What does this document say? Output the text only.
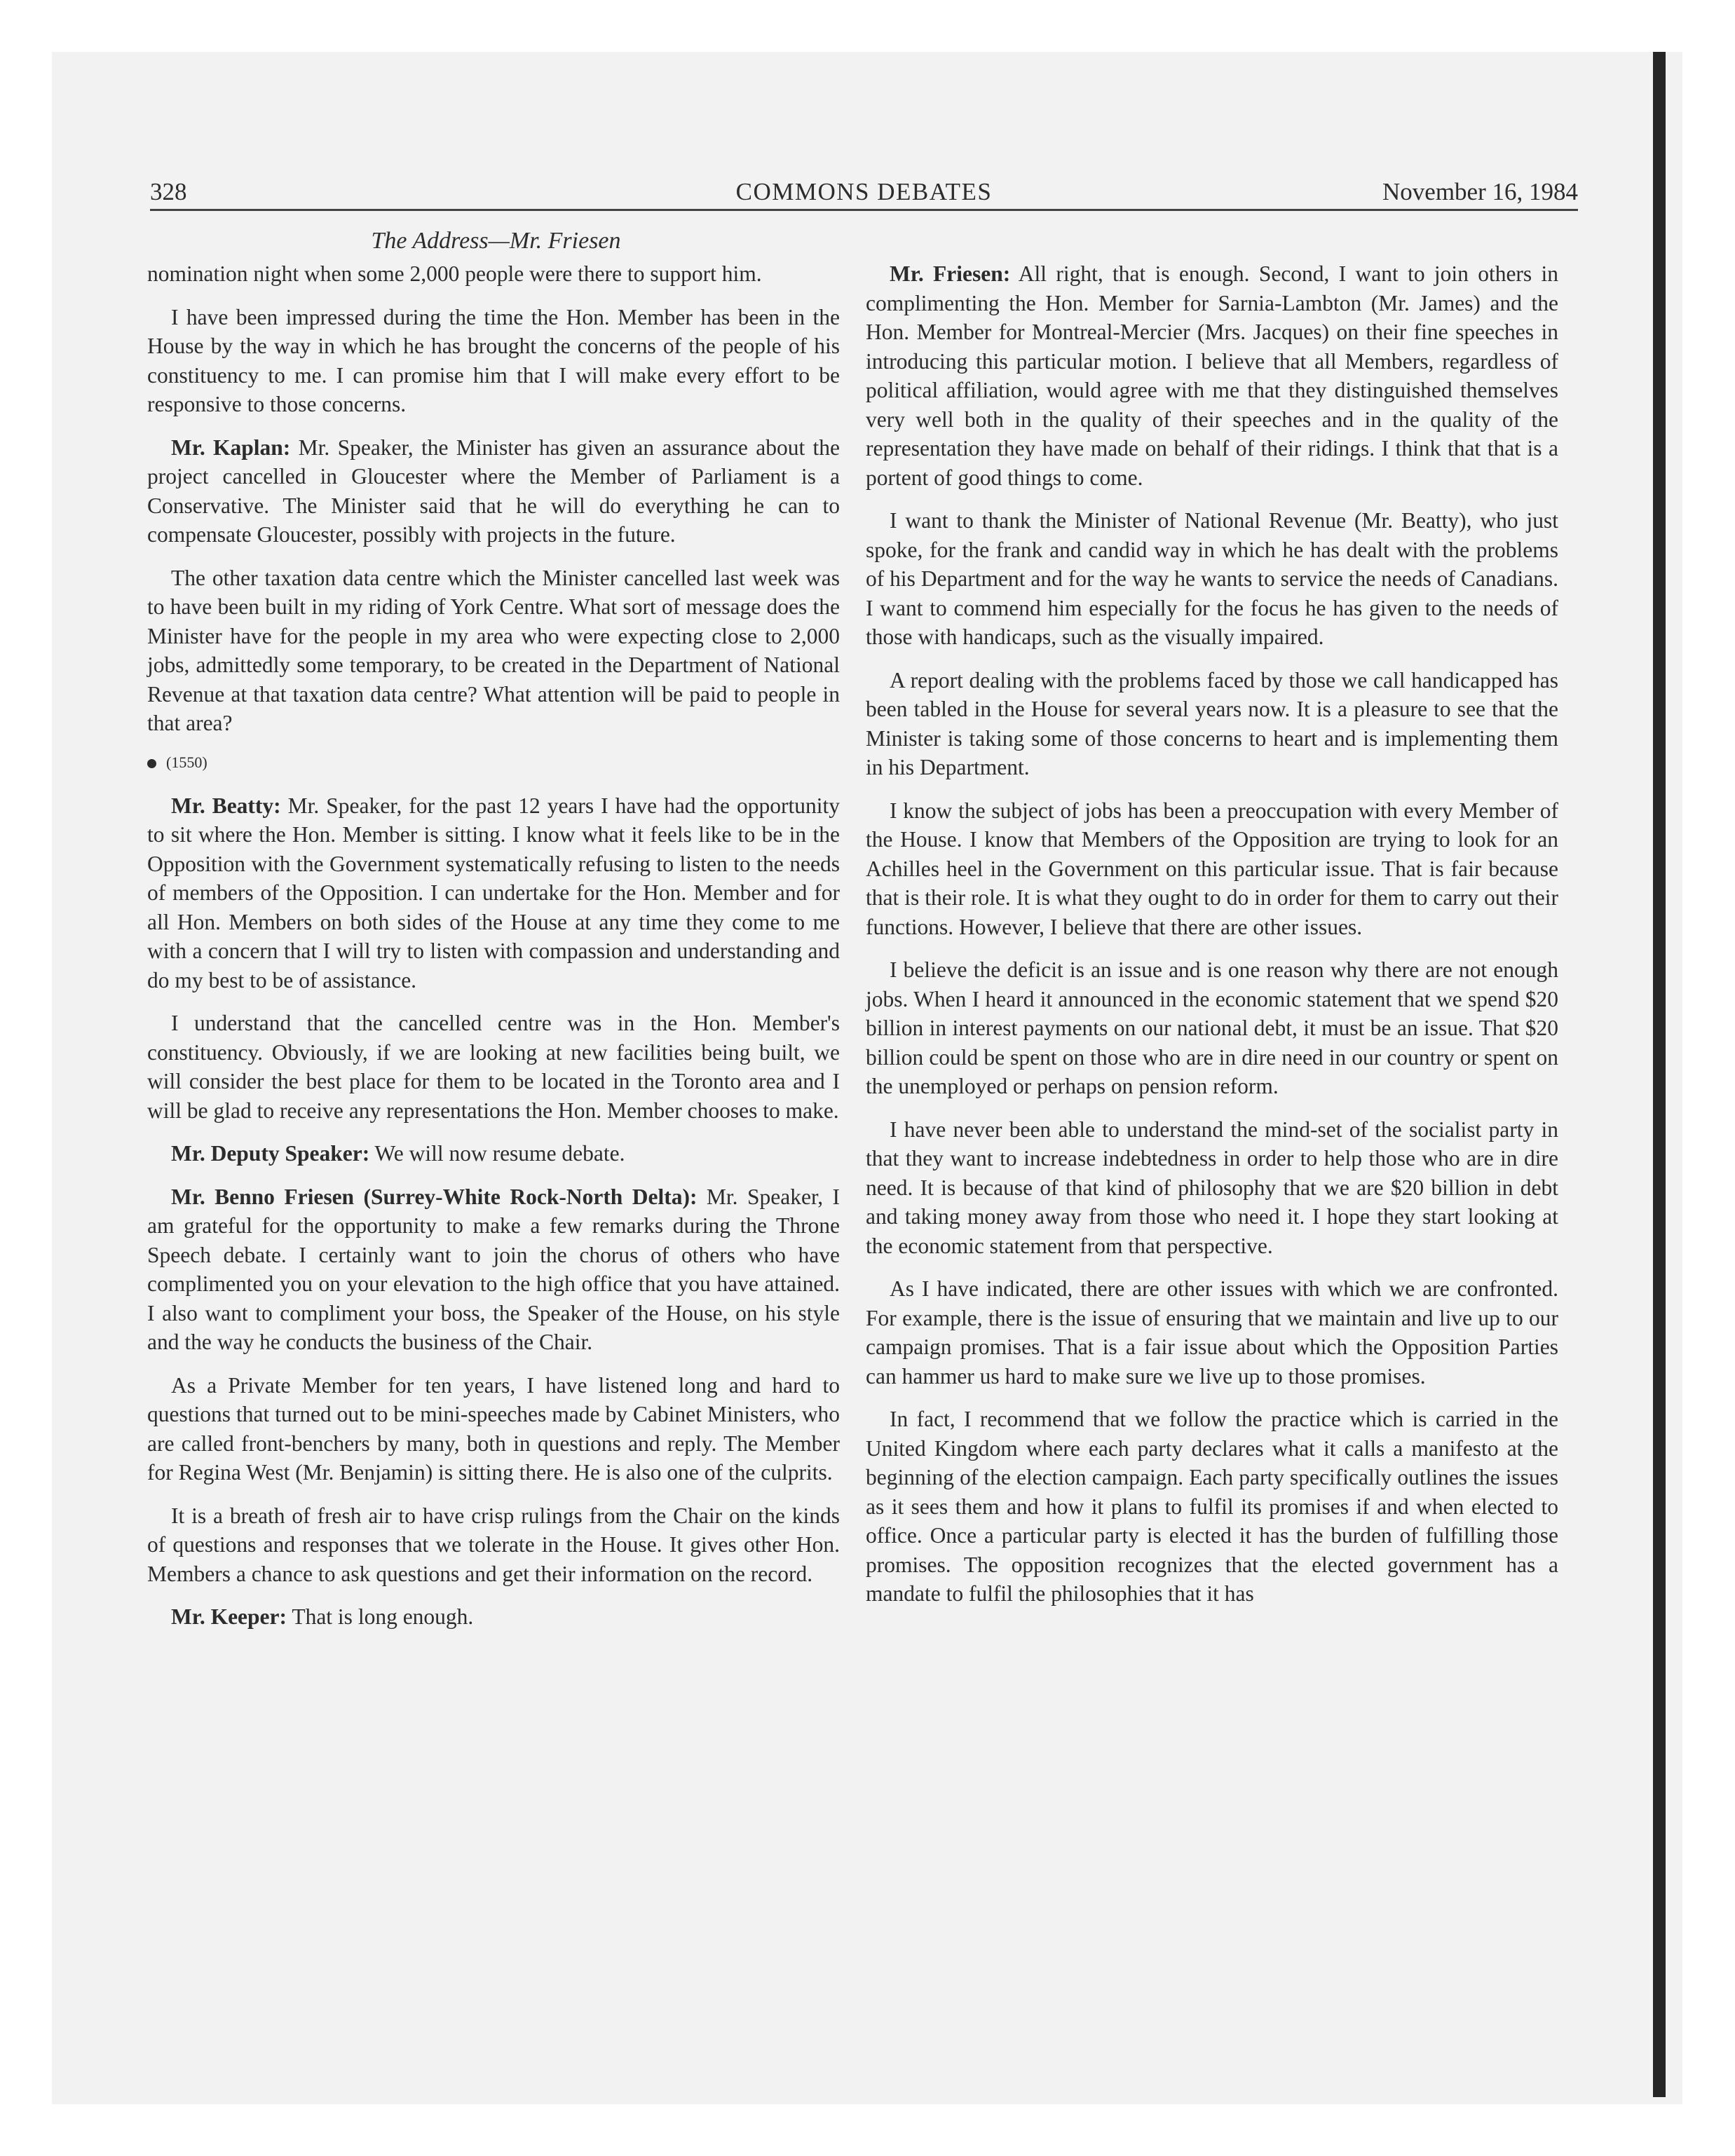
328	COMMONS DEBATES	November 16, 1984
The Address—Mr. Friesen

nomination night when some 2,000 people were there to support him.

I have been impressed during the time the Hon. Member has been in the House by the way in which he has brought the concerns of the people of his constituency to me. I can promise him that I will make every effort to be responsive to those concerns.

Mr. Kaplan: Mr. Speaker, the Minister has given an assurance about the project cancelled in Gloucester where the Member of Parliament is a Conservative. The Minister said that he will do everything he can to compensate Gloucester, possibly with projects in the future.

The other taxation data centre which the Minister cancelled last week was to have been built in my riding of York Centre. What sort of message does the Minister have for the people in my area who were expecting close to 2,000 jobs, admittedly some temporary, to be created in the Department of National Revenue at that taxation data centre? What attention will be paid to people in that area?

(1550)

Mr. Beatty: Mr. Speaker, for the past 12 years I have had the opportunity to sit where the Hon. Member is sitting. I know what it feels like to be in the Opposition with the Government systematically refusing to listen to the needs of members of the Opposition. I can undertake for the Hon. Member and for all Hon. Members on both sides of the House at any time they come to me with a concern that I will try to listen with compassion and understanding and do my best to be of assistance.

I understand that the cancelled centre was in the Hon. Member's constituency. Obviously, if we are looking at new facilities being built, we will consider the best place for them to be located in the Toronto area and I will be glad to receive any representations the Hon. Member chooses to make.

Mr. Deputy Speaker: We will now resume debate.

Mr. Benno Friesen (Surrey-White Rock-North Delta): Mr. Speaker, I am grateful for the opportunity to make a few remarks during the Throne Speech debate. I certainly want to join the chorus of others who have complimented you on your elevation to the high office that you have attained. I also want to compliment your boss, the Speaker of the House, on his style and the way he conducts the business of the Chair.

As a Private Member for ten years, I have listened long and hard to questions that turned out to be mini-speeches made by Cabinet Ministers, who are called front-benchers by many, both in questions and reply. The Member for Regina West (Mr. Benjamin) is sitting there. He is also one of the culprits.

It is a breath of fresh air to have crisp rulings from the Chair on the kinds of questions and responses that we tolerate in the House. It gives other Hon. Members a chance to ask questions and get their information on the record.

Mr. Keeper: That is long enough.

Mr. Friesen: All right, that is enough. Second, I want to join others in complimenting the Hon. Member for Sarnia-Lambton (Mr. James) and the Hon. Member for Montreal-Mercier (Mrs. Jacques) on their fine speeches in introducing this particular motion. I believe that all Members, regardless of political affiliation, would agree with me that they distinguished themselves very well both in the quality of their speeches and in the quality of the representation they have made on behalf of their ridings. I think that that is a portent of good things to come.

I want to thank the Minister of National Revenue (Mr. Beatty), who just spoke, for the frank and candid way in which he has dealt with the problems of his Department and for the way he wants to service the needs of Canadians. I want to commend him especially for the focus he has given to the needs of those with handicaps, such as the visually impaired.

A report dealing with the problems faced by those we call handicapped has been tabled in the House for several years now. It is a pleasure to see that the Minister is taking some of those concerns to heart and is implementing them in his Department.

I know the subject of jobs has been a preoccupation with every Member of the House. I know that Members of the Opposition are trying to look for an Achilles heel in the Government on this particular issue. That is fair because that is their role. It is what they ought to do in order for them to carry out their functions. However, I believe that there are other issues.

I believe the deficit is an issue and is one reason why there are not enough jobs. When I heard it announced in the economic statement that we spend $20 billion in interest payments on our national debt, it must be an issue. That $20 billion could be spent on those who are in dire need in our country or spent on the unemployed or perhaps on pension reform.

I have never been able to understand the mind-set of the socialist party in that they want to increase indebtedness in order to help those who are in dire need. It is because of that kind of philosophy that we are $20 billion in debt and taking money away from those who need it. I hope they start looking at the economic statement from that perspective.

As I have indicated, there are other issues with which we are confronted. For example, there is the issue of ensuring that we maintain and live up to our campaign promises. That is a fair issue about which the Opposition Parties can hammer us hard to make sure we live up to those promises.

In fact, I recommend that we follow the practice which is carried in the United Kingdom where each party declares what it calls a manifesto at the beginning of the election campaign. Each party specifically outlines the issues as it sees them and how it plans to fulfil its promises if and when elected to office. Once a particular party is elected it has the burden of fulfilling those promises. The opposition recognizes that the elected government has a mandate to fulfil the philosophies that it has
